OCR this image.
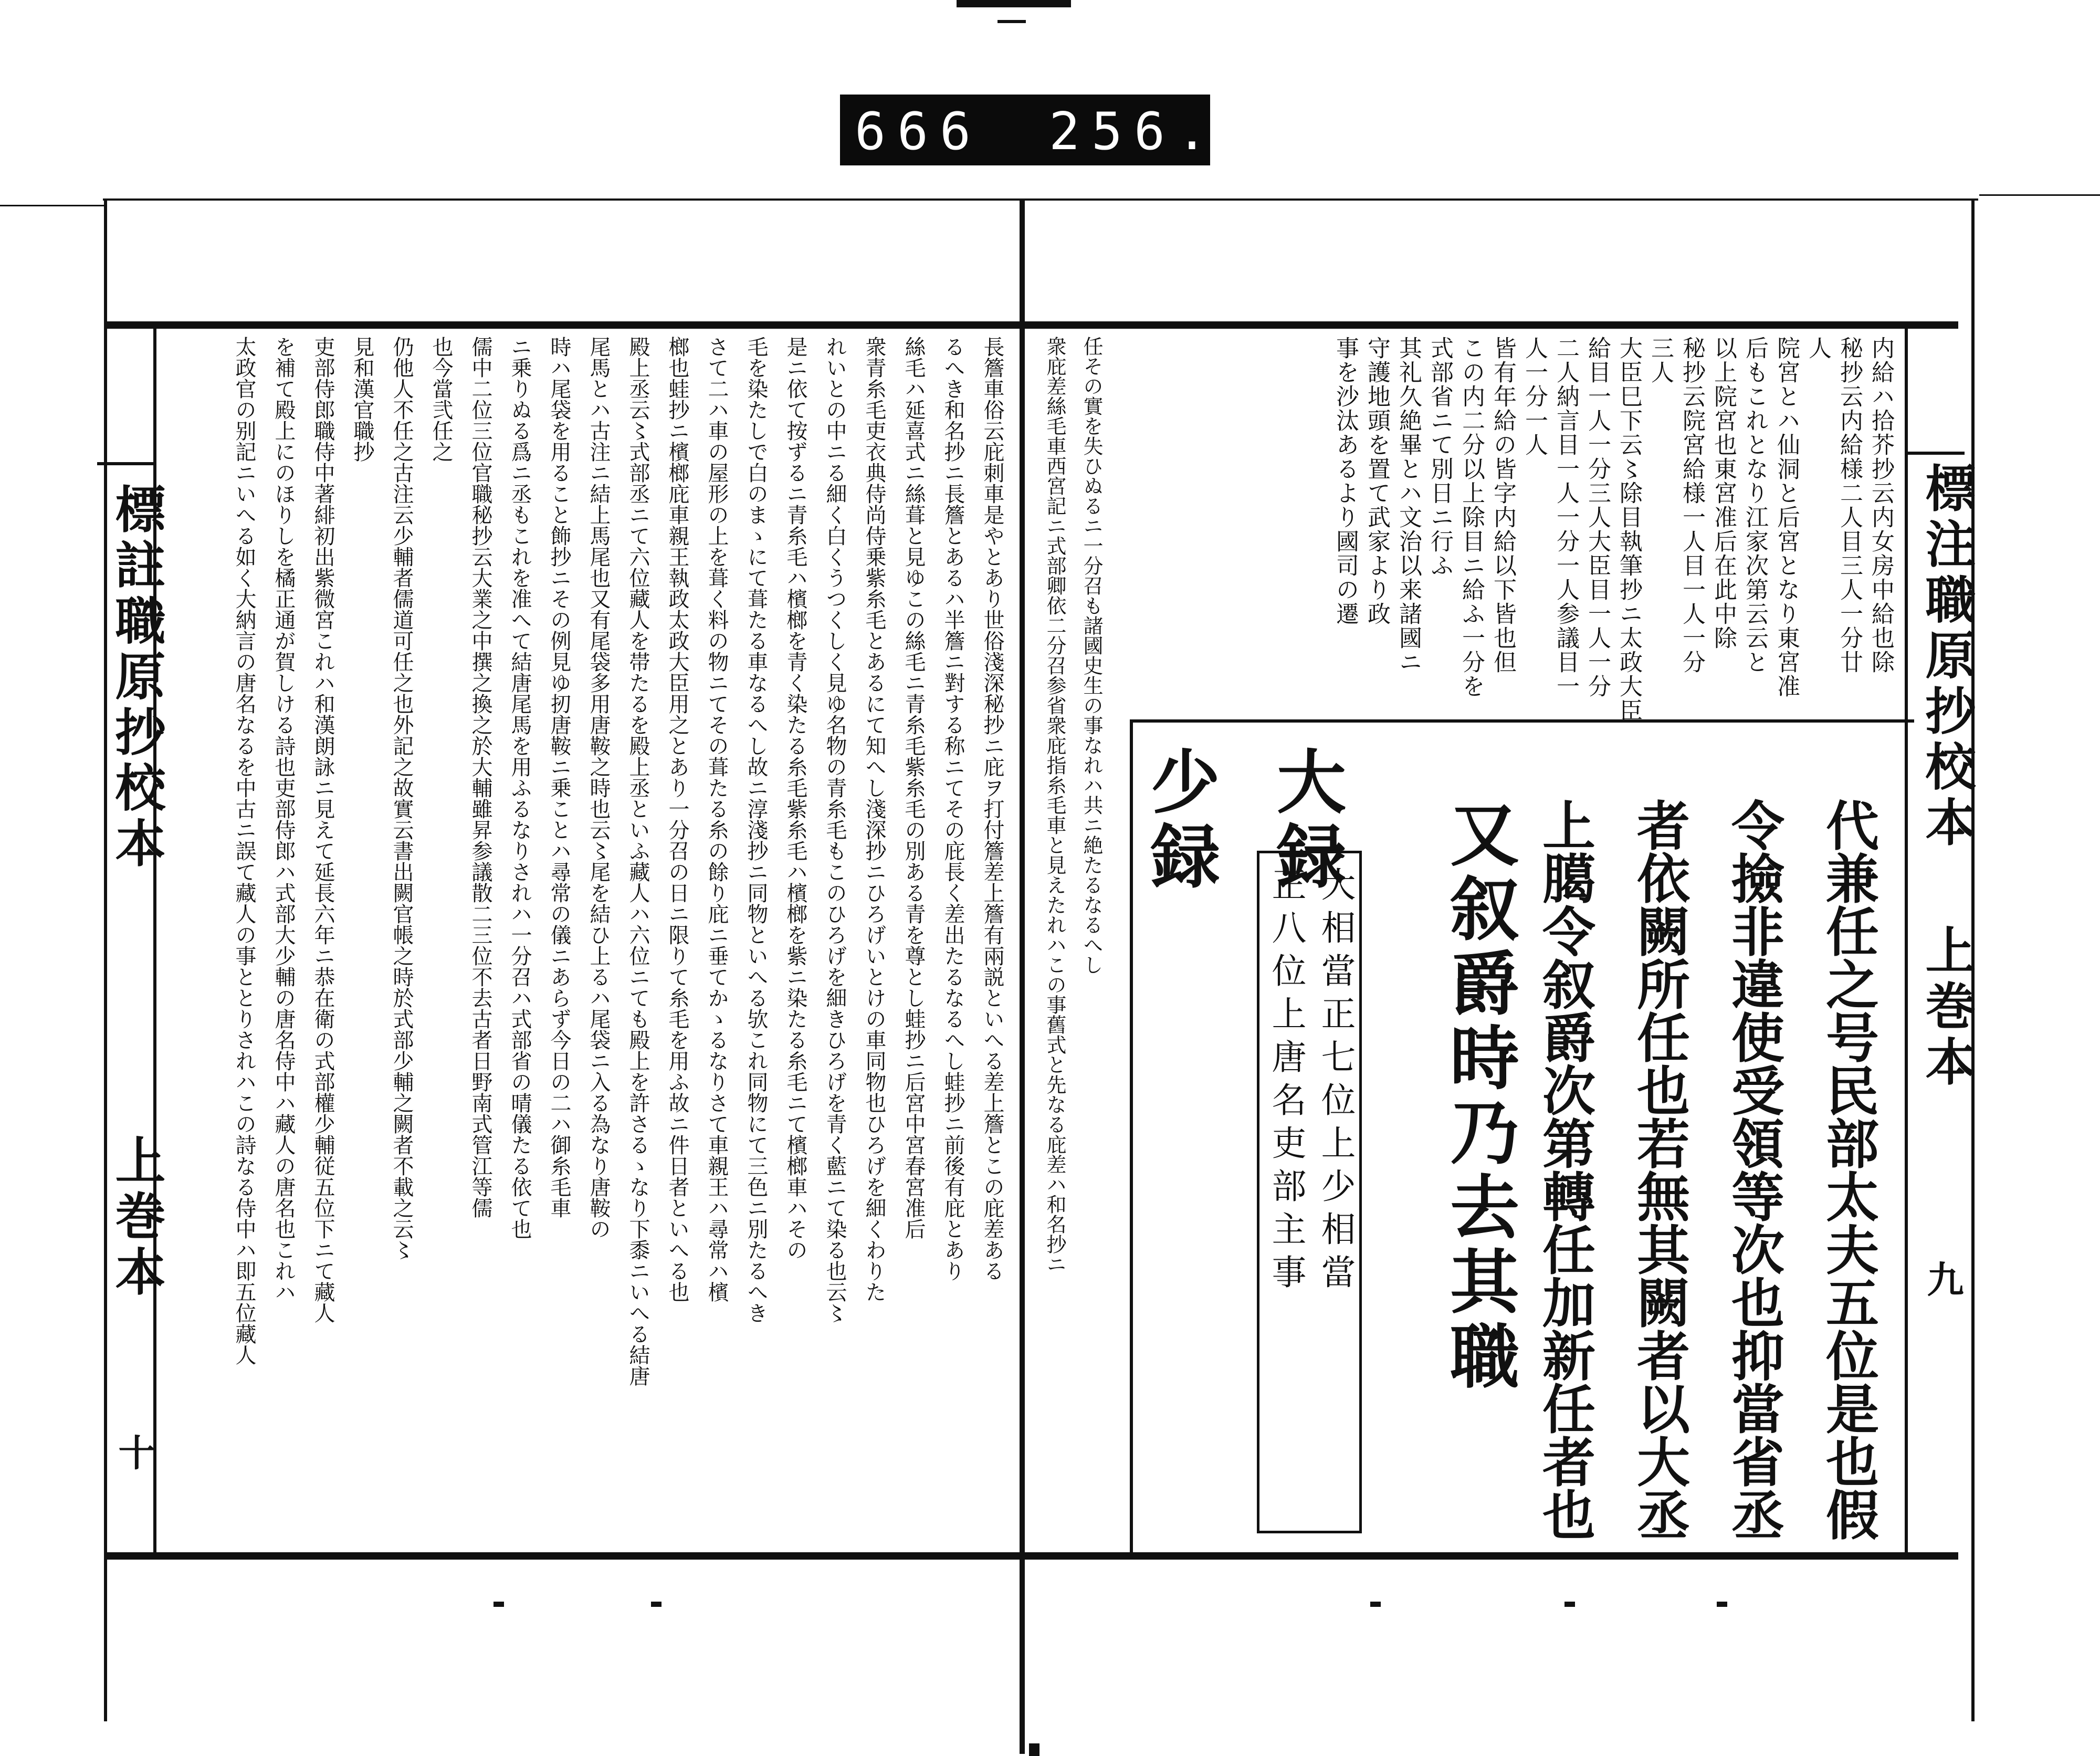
666 256.
標註職原抄校本
上巻本
十
標注職原抄校本
上巻本
九
内給ハ拾芥抄云内女房中給也除
秘抄云内給様二人目三人一分廿
人
院宮とハ仙洞と后宮となり東宮准
后もこれとなり江家次第云云と
以上院宮也東宮准后在此中除
秘抄云院宮給様一人目一人一分
三人
大臣巳下云〻除目執筆抄ニ太政大臣
給目一人一分三人大臣目一人一分
二人納言目一人一分一人参議目一
人一分一人
皆有年給の皆字内給以下皆也但
この内二分以上除目ニ給ふ一分を
式部省ニて別日ニ行ふ
其礼久絶畢とハ文治以来諸國ニ
守護地頭を置て武家より政
事を沙汰あるより國司の遷
任その實を失ひぬるニ一分召も諸國史生の事なれハ共ニ絶たるなるへし
衆庇差絲毛車西宮記ニ式部卿依二分召参省衆庇指糸毛車と見えたれハこの事舊式と先なる庇差ハ和名抄ニ	代兼任之号民部太夫五位是也假
令撿非違使受領等次也抑當省丞
者依闕所任也若無其闕者以大丞
上臈令叙爵次第轉任加新任者也
又叙爵時乃去其職
大録
少録
大相當正七位上少相當
正八位上唐名吏部主事
長簷車俗云庇刺車是やとあり世俗淺深秘抄ニ庇ヲ打付簷差上簷有兩説といへる差上簷とこの庇差ある
るへき和名抄ニ長簷とあるハ半簷ニ對する称ニてその庇長く差出たるなるへし蛙抄ニ前後有庇とあり
絲毛ハ延喜式ニ絲葺と見ゆこの絲毛ニ青糸毛紫糸毛の別ある青を尊とし蛙抄ニ后宮中宮春宮准后
衆青糸毛吏衣典侍尚侍乗紫糸毛とあるにて知へし淺深抄ニひろげいとけの車同物也ひろげを細くわりた
れいとの中ニる細く白くうつくしく見ゆ名物の青糸毛もこのひろげを細きひろげを青く藍ニて染る也云〻
是ニ依て按ずるニ青糸毛ハ檳榔を青く染たる糸毛紫糸毛ハ檳榔を紫ニ染たる糸毛ニて檳榔車ハその
毛を染たしで白のまゝにて葺たる車なるへし故ニ淳淺抄ニ同物といへる欤これ同物にて三色ニ別たるへき
さて二ハ車の屋形の上を葺く料の物ニてその葺たる糸の餘り庇ニ垂てかゝるなりさて車親王ハ尋常ハ檳
榔也蛙抄ニ檳榔庇車親王執政太政大臣用之とあり一分召の日ニ限りて糸毛を用ふ故ニ件日者といへる也
殿上丞云〻式部丞ニて六位藏人を帯たるを殿上丞といふ藏人ハ六位ニても殿上を許さるゝなり下黍ニいへる結唐
尾馬とハ古注ニ結上馬尾也又有尾袋多用唐鞍之時也云〻尾を結ひ上るハ尾袋ニ入る為なり唐鞍の
時ハ尾袋を用ること飾抄ニその例見ゆ扨唐鞍ニ乗ことハ尋常の儀ニあらず今日の二ハ御糸毛車
ニ乗りぬる爲ニ丞もこれを准へて結唐尾馬を用ふるなりされハ一分召ハ式部省の晴儀たる依て也
儒中二位三位官職秘抄云大業之中撰之換之於大輔雖昇参議散二三位不去古者日野南式管江等儒
也今當弐任之
仍他人不任之古注云少輔者儒道可任之也外記之故實云書出闕官帳之時於式部少輔之闕者不載之云〻
見和漢官職抄
吏部侍郎職侍中著緋初出紫微宮これハ和漢朗詠ニ見えて延長六年ニ恭在衛の式部權少輔従五位下ニて藏人
を補て殿上にのほりしを橘正通が賀しける詩也吏部侍郎ハ式部大少輔の唐名侍中ハ藏人の唐名也これハ
太政官の别記ニいへる如く大納言の唐名なるを中古ニ誤て藏人の事ととりされハこの詩なる侍中ハ即五位藏人
